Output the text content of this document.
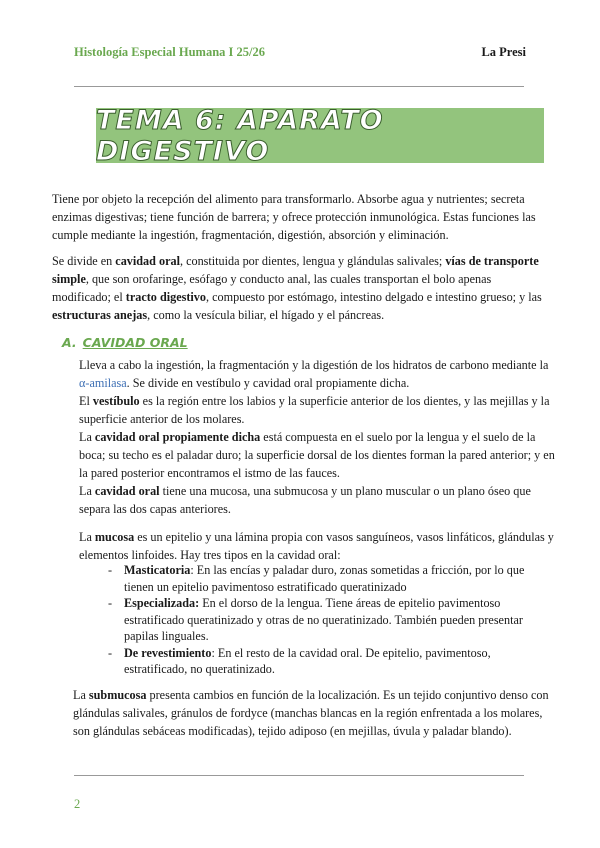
Histología Especial Humana I 25/26	La Presi
TEMA 6: APARATO DIGESTIVO

Tiene por objeto la recepción del alimento para transformarlo. Absorbe agua y nutrientes; secreta enzimas digestivas; tiene función de barrera; y ofrece protección inmunológica. Estas funciones las cumple mediante la ingestión, fragmentación, digestión, absorción y eliminación.

Se divide en cavidad oral, constituida por dientes, lengua y glándulas salivales; vías de transporte simple, que son orofaringe, esófago y conducto anal, las cuales transportan el bolo apenas modificado; el tracto digestivo, compuesto por estómago, intestino delgado e intestino grueso; y las estructuras anejas, como la vesícula biliar, el hígado y el páncreas.

A. CAVIDAD ORAL

Lleva a cabo la ingestión, la fragmentación y la digestión de los hidratos de carbono mediante la α-amilasa. Se divide en vestíbulo y cavidad oral propiamente dicha.
El vestíbulo es la región entre los labios y la superficie anterior de los dientes, y las mejillas y la superficie anterior de los molares.
La cavidad oral propiamente dicha está compuesta en el suelo por la lengua y el suelo de la boca; su techo es el paladar duro; la superficie dorsal de los dientes forman la pared anterior; y en la pared posterior encontramos el istmo de las fauces.

La cavidad oral tiene una mucosa, una submucosa y un plano muscular o un plano óseo que separa las dos capas anteriores.

La mucosa es un epitelio y una lámina propia con vasos sanguíneos, vasos linfáticos, glándulas y elementos linfoides. Hay tres tipos en la cavidad oral:

- Masticatoria: En las encías y paladar duro, zonas sometidas a fricción, por lo que tienen un epitelio pavimentoso estratificado queratinizado
- Especializada: En el dorso de la lengua. Tiene áreas de epitelio pavimentoso estratificado queratinizado y otras de no queratinizado. También pueden presentar papilas linguales.
- De revestimiento: En el resto de la cavidad oral. De epitelio, pavimentoso, estratificado, no queratinizado.

La submucosa presenta cambios en función de la localización. Es un tejido conjuntivo denso con glándulas salivales, gránulos de fordyce (manchas blancas en la región enfrentada a los molares, son glándulas sebáceas modificadas), tejido adiposo (en mejillas, úvula y paladar blando).

2
